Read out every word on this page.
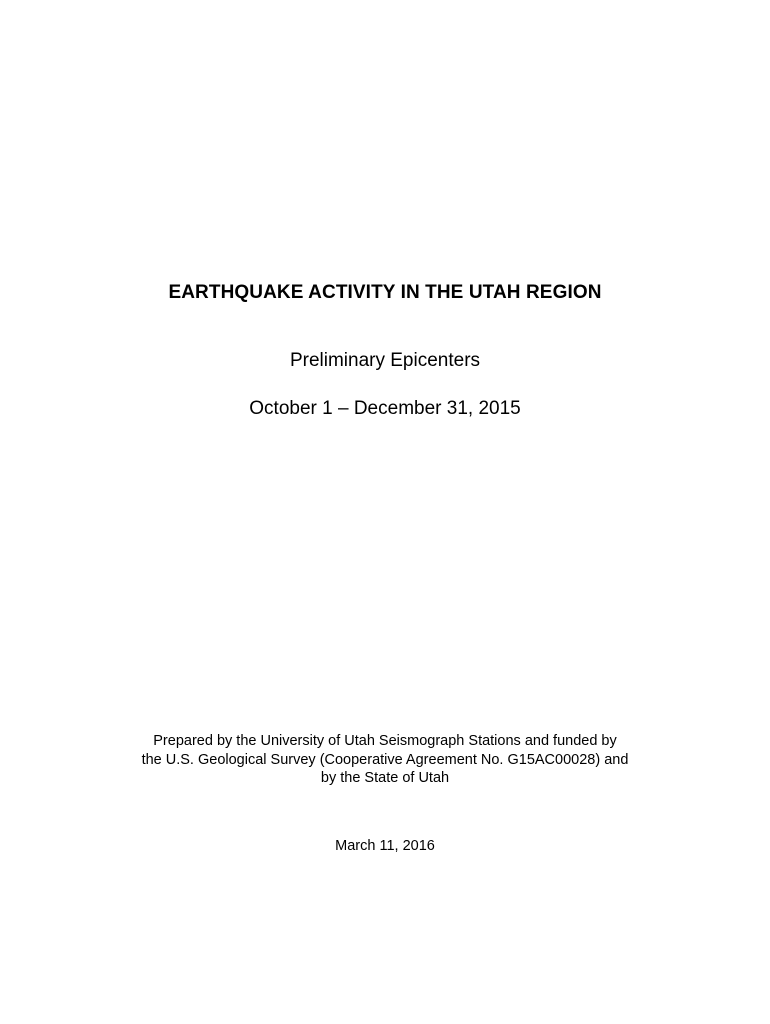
EARTHQUAKE ACTIVITY IN THE UTAH REGION
Preliminary Epicenters
October 1 – December 31, 2015
Prepared by the University of Utah Seismograph Stations and funded by
the U.S. Geological Survey (Cooperative Agreement No. G15AC00028) and
by the State of Utah
March 11, 2016
